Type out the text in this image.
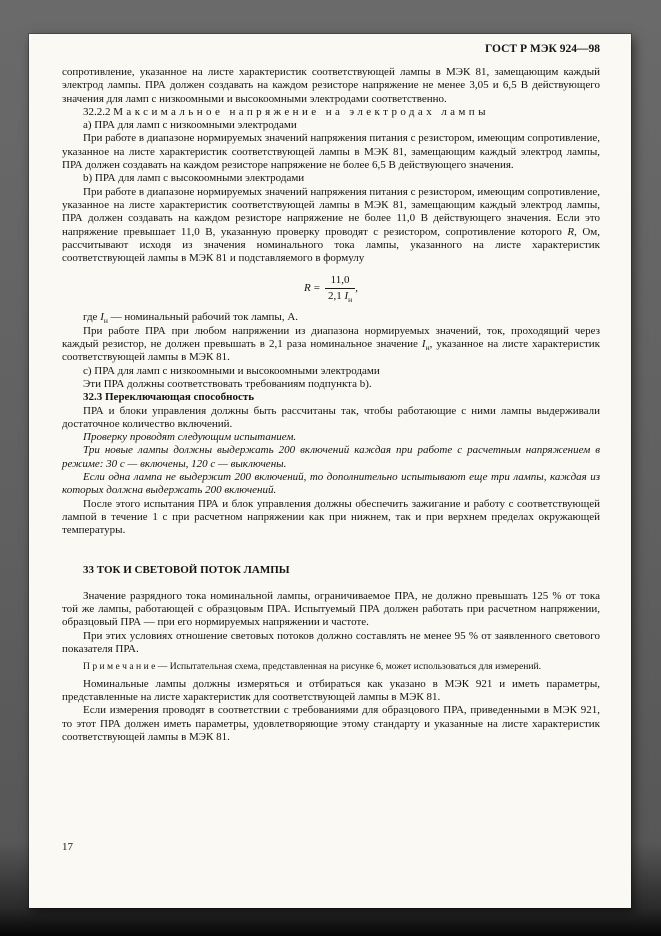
ГОСТ Р МЭК 924—98

сопротивление, указанное на листе характеристик соответствующей лампы в МЭК 81, замещающим каждый электрод лампы. ПРА должен создавать на каждом резисторе напряжение не менее 3,05 и 6,5 В действующего значения для ламп с низкоомными и высокоомными электродами соответственно.

32.2.2 Максимальное напряжение на электродах лампы

a) ПРА для ламп с низкоомными электродами

При работе в диапазоне нормируемых значений напряжения питания с резистором, имеющим сопротивление, указанное на листе характеристик соответствующей лампы в МЭК 81, замещающим каждый электрод лампы, ПРА должен создавать на каждом резисторе напряжение не более 6,5 В действующего значения.

b) ПРА для ламп с высокоомными электродами

При работе в диапазоне нормируемых значений напряжения питания с резистором, имеющим сопротивление, указанное на листе характеристик соответствующей лампы в МЭК 81, замещающим каждый электрод лампы, ПРА должен создавать на каждом резисторе напряжение не более 11,0 В действующего значения. Если это напряжение превышает 11,0 В, указанную проверку проводят с резистором, сопротивление которого R, Ом, рассчитывают исходя из значения номинального тока лампы, указанного на листе характеристик соответствующей лампы в МЭК 81 и подставляемого в формулу

$R = \frac{11,0}{2,1 I_н}$ ,

где $I_н$ — номинальный рабочий ток лампы, А.

При работе ПРА при любом напряжении из диапазона нормируемых значений, ток, проходящий через каждый резистор, не должен превышать в 2,1 раза номинальное значение $I_н$, указанное на листе характеристик соответствующей лампы в МЭК 81.

c) ПРА для ламп с низкоомными и высокоомными электродами

Эти ПРА должны соответствовать требованиям подпункта b).

32.3 Переключающая способность

ПРА и блоки управления должны быть рассчитаны так, чтобы работающие с ними лампы выдерживали достаточное количество включений.

Проверку проводят следующим испытанием.

Три новые лампы должны выдержать 200 включений каждая при работе с расчетным напряжением в режиме: 30 с — включены, 120 с — выключены.

Если одна лампа не выдержит 200 включений, то дополнительно испытывают еще три лампы, каждая из которых должна выдержать 200 включений.

После этого испытания ПРА и блок управления должны обеспечить зажигание и работу с соответствующей лампой в течение 1 с при расчетном напряжении как при нижнем, так и при верхнем пределах окружающей температуры.

33 ТОК И СВЕТОВОЙ ПОТОК ЛАМПЫ

Значение разрядного тока номинальной лампы, ограничиваемое ПРА, не должно превышать 125 % от тока той же лампы, работающей с образцовым ПРА. Испытуемый ПРА должен работать при расчетном напряжении, образцовый ПРА — при его нормируемых напряжении и частоте.

При этих условиях отношение световых потоков должно составлять не менее 95 % от заявленного светового показателя ПРА.

П р и м е ч а н и е — Испытательная схема, представленная на рисунке 6, может использоваться для измерений.

Номинальные лампы должны измеряться и отбираться как указано в МЭК 921 и иметь параметры, представленные на листе характеристик для соответствующей лампы в МЭК 81.

Если измерения проводят в соответствии с требованиями для образцового ПРА, приведенными в МЭК 921, то этот ПРА должен иметь параметры, удовлетворяющие этому стандарту и указанные на листе характеристик соответствующей лампы в МЭК 81.

17
